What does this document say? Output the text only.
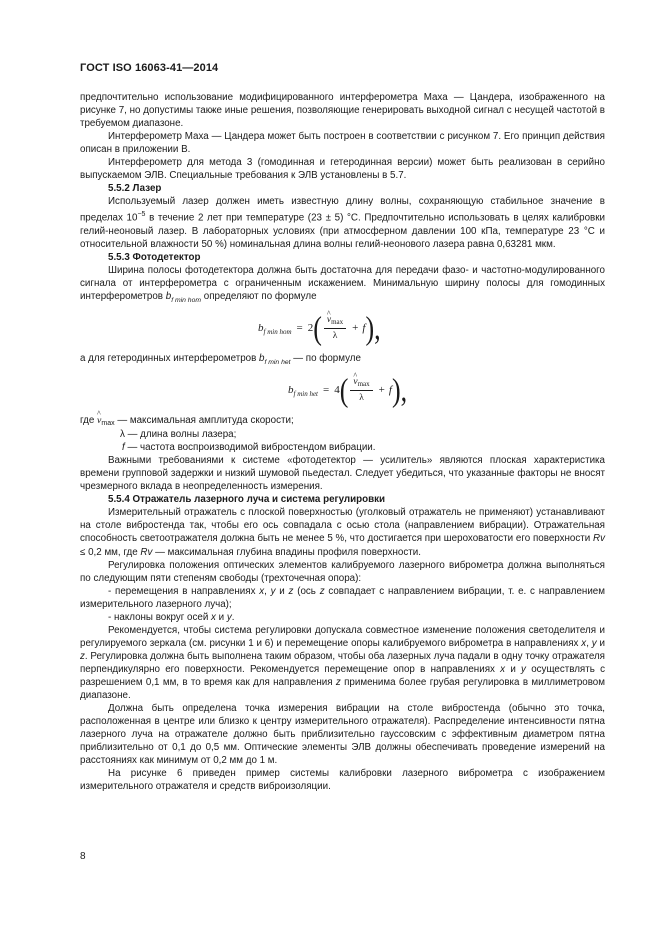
ГОСТ ISO 16063-41—2014

предпочтительно использование модифицированного интерферометра Маха — Цандера, изображенного на рисунке 7, но допустимы также иные решения, позволяющие генерировать выходной сигнал с несущей частотой в требуемом диапазоне.

Интерферометр Маха — Цандера может быть построен в соответствии с рисунком 7. Его принцип действия описан в приложении В.

Интерферометр для метода 3 (гомодинная и гетеродинная версии) может быть реализован в серийно выпускаемом ЭЛВ. Специальные требования к ЭЛВ установлены в 5.7.

5.5.2 Лазер

Используемый лазер должен иметь известную длину волны, сохраняющую стабильное значение в пределах $10^{-5}$ в течение 2 лет при температуре (23 ± 5) °C. Предпочтительно использовать в целях калибровки гелий-неоновый лазер. В лабораторных условиях (при атмосферном давлении 100 кПа, температуре 23 °C и относительной влажности 50 %) номинальная длина волны гелий-неонового лазера равна 0,63281 мкм.

5.5.3 Фотодетектор

Ширина полосы фотодетектора должна быть достаточна для передачи фазо- и частотно-модулированного сигнала от интерферометра с ограниченным искажением. Минимальную ширину полосы для гомодинных интерферометров $b_{f min hom}$ определяют по формуле

b f min hom = 2 ( ^ $\frac{v_{max}}{\lambda} + f$ ),

а для гетеродинных интерферометров $b_{f min het}$ — по формуле

b f min het = 4 ( ^ $\frac{v_{max}}{\lambda} + f$ ),

где ^ $v_{max}$ — максимальная амплитуда скорости;

λ — длина волны лазера;

f — частота воспроизводимой вибростендом вибрации.

Важными требованиями к системе «фотодетектор — усилитель» являются плоская характеристика времени групповой задержки и низкий шумовой пьедестал. Следует убедиться, что указанные факторы не вносят чрезмерного вклада в неопределенность измерения.

5.5.4 Отражатель лазерного луча и система регулировки

Измерительный отражатель с плоской поверхностью (уголковый отражатель не применяют) устанавливают на столе вибростенда так, чтобы его ось совпадала с осью стола (направлением вибрации). Отражательная способность светоотражателя должна быть не менее 5 %, что достигается при шероховатости его поверхности Rv ≤ 0,2 мм, где Rv — максимальная глубина впадины профиля поверхности.

Регулировка положения оптических элементов калибруемого лазерного виброметра должна выполняться по следующим пяти степеням свободы (трехточечная опора):

- перемещения в направлениях x, y и z (ось z совпадает с направлением вибрации, т. е. с направлением измерительного лазерного луча);

- наклоны вокруг осей x и y.

Рекомендуется, чтобы система регулировки допускала совместное изменение положения светоделителя и регулируемого зеркала (см. рисунки 1 и 6) и перемещение опоры калибруемого виброметра в направлениях x, y и z. Регулировка должна быть выполнена таким образом, чтобы оба лазерных луча падали в одну точку отражателя перпендикулярно его поверхности. Рекомендуется перемещение опор в направлениях x и y осуществлять с разрешением 0,1 мм, в то время как для направления z применима более грубая регулировка в миллиметровом диапазоне.

Должна быть определена точка измерения вибрации на столе вибростенда (обычно это точка, расположенная в центре или близко к центру измерительного отражателя). Распределение интенсивности пятна лазерного луча на отражателе должно быть приблизительно гауссовским с эффективным диаметром пятна приблизительно от 0,1 до 0,5 мм. Оптические элементы ЭЛВ должны обеспечивать проведение измерений на расстояниях как минимум от 0,2 мм до 1 м.

На рисунке 6 приведен пример системы калибровки лазерного виброметра с изображением измерительного отражателя и средств виброизоляции.

8
